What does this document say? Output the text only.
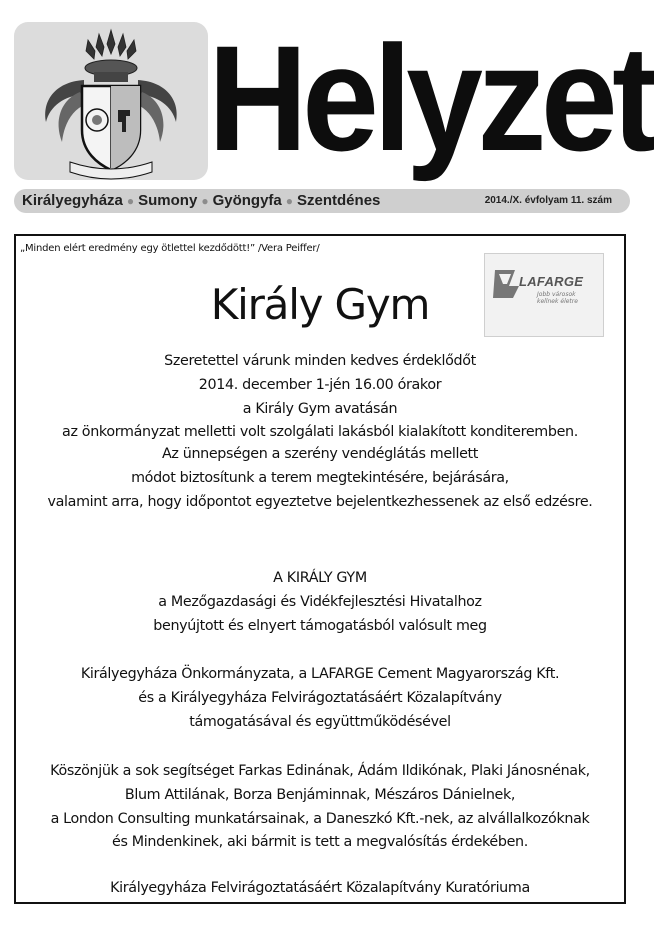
Helyzet
Királyegyháza ● Sumony ● Gyöngyfa ● Szentdénes	2014./X. évfolyam 11. szám
„Minden elért eredmény egy ötlettel kezdődött!” /Vera Peiffer/
LAFARGE
Jobb városok
kellnek életre
Király Gym
Szeretettel várunk minden kedves érdeklődőt
2014. december 1-jén 16.00 órakor
a Király Gym avatásán
az önkormányzat melletti volt szolgálati lakásból kialakított konditeremben.
Az ünnepségen a szerény vendéglátás mellett
módot biztosítunk a terem megtekintésére, bejárására,
valamint arra, hogy időpontot egyeztetve bejelentkezhessenek az első edzésre.
A KIRÁLY GYM
a Mezőgazdasági és Vidékfejlesztési Hivatalhoz
benyújtott és elnyert támogatásból valósult meg
Királyegyháza Önkormányzata, a LAFARGE Cement Magyarország Kft.
és a Királyegyháza Felvirágoztatásáért Közalapítvány
támogatásával és együttműködésével
Köszönjük a sok segítséget Farkas Edinának, Ádám Ildikónak, Plaki Jánosnénak,
Blum Attilának, Borza Benjáminnak, Mészáros Dánielnek,
a London Consulting munkatársainak, a Daneszkó Kft.-nek, az alvállalkozóknak
és Mindenkinek, aki bármit is tett a megvalósítás érdekében.
Királyegyháza Felvirágoztatásáért Közalapítvány Kuratóriuma
